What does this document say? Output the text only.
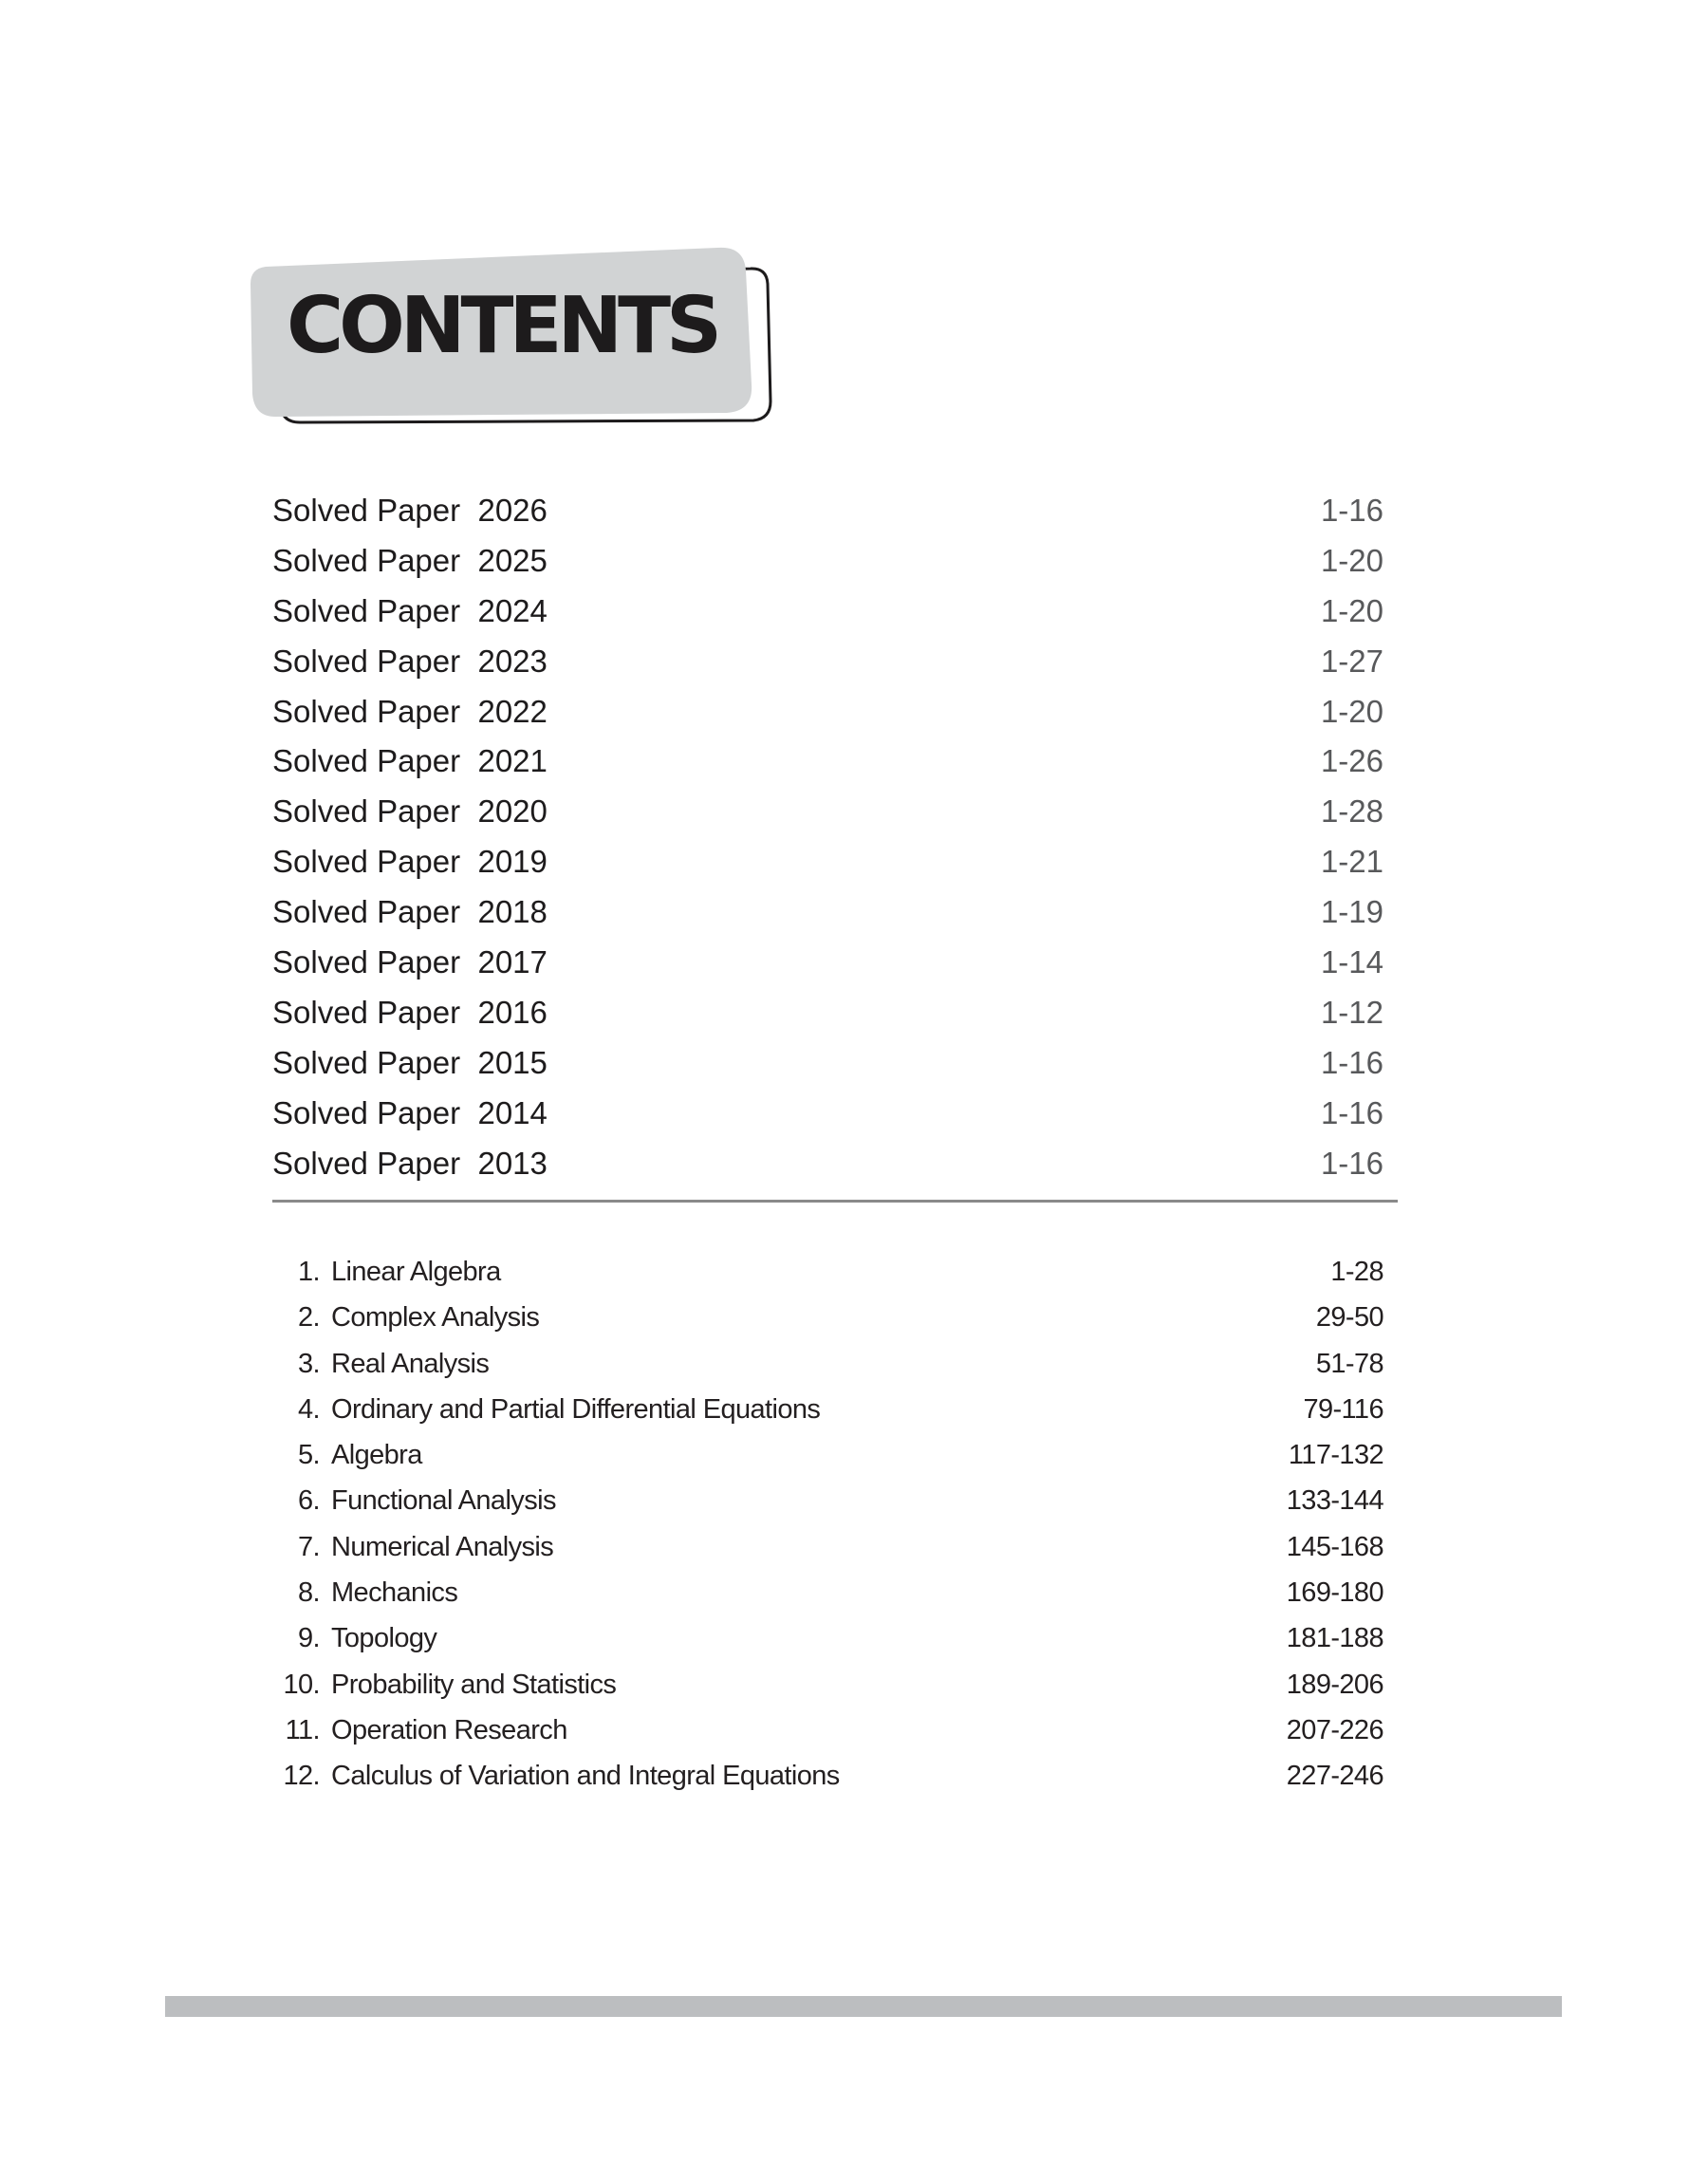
CONTENTS
Solved Paper  2026	1-16
Solved Paper  2025	1-20
Solved Paper  2024	1-20
Solved Paper  2023	1-27
Solved Paper  2022	1-20
Solved Paper  2021	1-26
Solved Paper  2020	1-28
Solved Paper  2019	1-21
Solved Paper  2018	1-19
Solved Paper  2017	1-14
Solved Paper  2016	1-12
Solved Paper  2015	1-16
Solved Paper  2014	1-16
Solved Paper  2013	1-16
1. Linear Algebra	1-28
2. Complex Analysis	29-50
3. Real Analysis	51-78
4. Ordinary and Partial Differential Equations	79-116
5. Algebra	117-132
6. Functional Analysis	133-144
7. Numerical Analysis	145-168
8. Mechanics	169-180
9. Topology	181-188
10. Probability and Statistics	189-206
11. Operation Research	207-226
12. Calculus of Variation and Integral Equations	227-246
